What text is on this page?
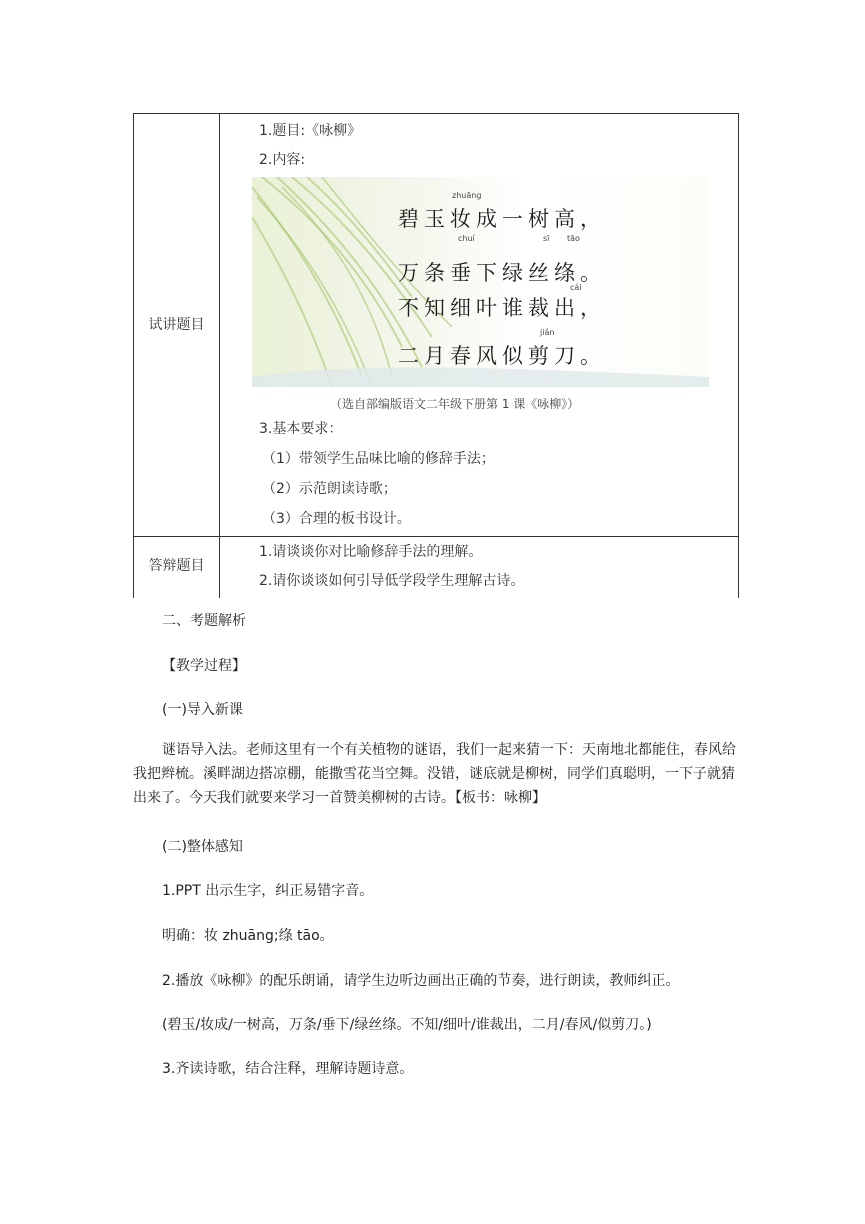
试讲题目
答辩题目
1.题目:《咏柳》
2.内容:
碧玉妆成一树高，
万条垂下绿丝绦。
不知细叶谁裁出，
二月春风似剪刀。
zhuāng
chuí	sī tāo
cái
jiǎn
（选自部编版语文二年级下册第 1 课《咏柳》）
3.基本要求：
（1）带领学生品味比喻的修辞手法；
（2）示范朗读诗歌；
（3）合理的板书设计。
1.请谈谈你对比喻修辞手法的理解。
2.请你谈谈如何引导低学段学生理解古诗。
二、考题解析
【教学过程】
(一)导入新课
谜语导入法。老师这里有一个有关植物的谜语，我们一起来猜一下：天南地北都能住，春风给我把辫梳。溪畔湖边搭凉棚，能撒雪花当空舞。没错，谜底就是柳树，同学们真聪明，一下子就猜出来了。今天我们就要来学习一首赞美柳树的古诗。【板书：咏柳】
(二)整体感知
1.PPT 出示生字，纠正易错字音。
明确：妆 zhuāng;绦 tāo。
2.播放《咏柳》的配乐朗诵，请学生边听边画出正确的节奏，进行朗读，教师纠正。
(碧玉/妆成/一树高，万条/垂下/绿丝绦。不知/细叶/谁裁出，二月/春风/似剪刀。)
3.齐读诗歌，结合注释，理解诗题诗意。
